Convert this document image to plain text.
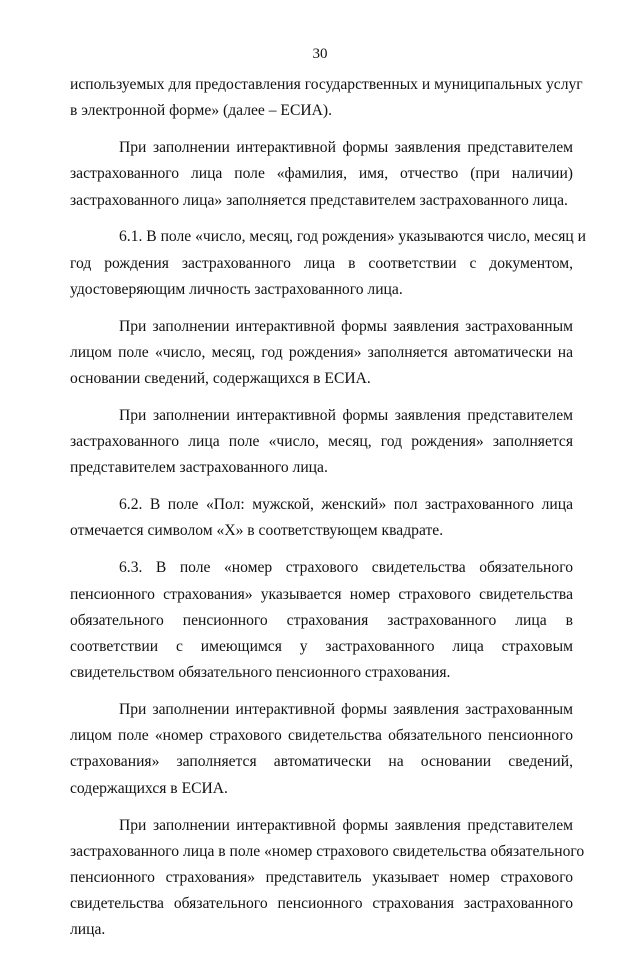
30
используемых для предоставления государственных и муниципальных услуг
в электронной форме» (далее – ЕСИА).
При заполнении интерактивной формы заявления представителем
застрахованного лица поле «фамилия, имя, отчество (при наличии)
застрахованного лица» заполняется представителем застрахованного лица.
6.1. В поле «число, месяц, год рождения» указываются число, месяц и
год рождения застрахованного лица в соответствии с документом,
удостоверяющим личность застрахованного лица.
При заполнении интерактивной формы заявления застрахованным
лицом поле «число, месяц, год рождения» заполняется автоматически на
основании сведений, содержащихся в ЕСИА.
При заполнении интерактивной формы заявления представителем
застрахованного лица поле «число, месяц, год рождения» заполняется
представителем застрахованного лица.
6.2. В поле «Пол: мужской, женский» пол застрахованного лица
отмечается символом «Х» в соответствующем квадрате.
6.3. В поле «номер страхового свидетельства обязательного
пенсионного страхования» указывается номер страхового свидетельства
обязательного пенсионного страхования застрахованного лица в
соответствии с имеющимся у застрахованного лица страховым
свидетельством обязательного пенсионного страхования.
При заполнении интерактивной формы заявления застрахованным
лицом поле «номер страхового свидетельства обязательного пенсионного
страхования» заполняется автоматически на основании сведений,
содержащихся в ЕСИА.
При заполнении интерактивной формы заявления представителем
застрахованного лица в поле «номер страхового свидетельства обязательного
пенсионного страхования» представитель указывает номер страхового
свидетельства обязательного пенсионного страхования застрахованного
лица.
